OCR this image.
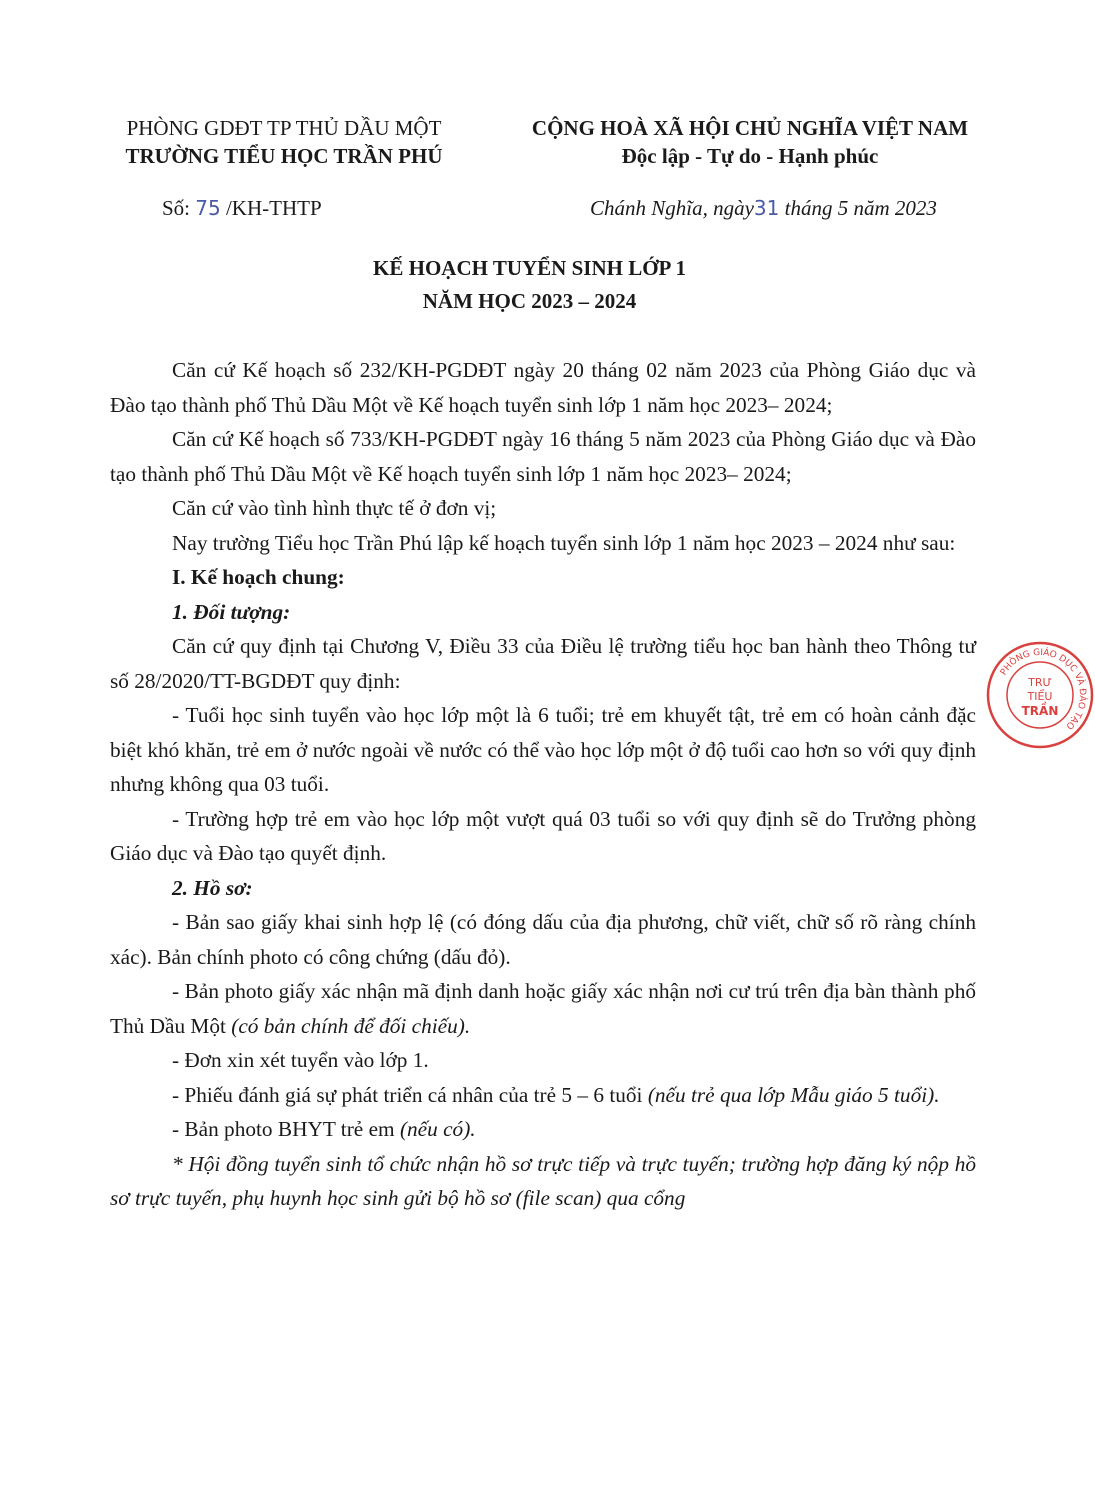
PHÒNG GDĐT TP THỦ DẦU MỘT
TRƯỜNG TIỂU HỌC TRẦN PHÚ
CỘNG HOÀ XÃ HỘI CHỦ NGHĨA VIỆT NAM
Độc lập - Tự do - Hạnh phúc
Số: 75 /KH-THTP	Chánh Nghĩa, ngày31 tháng 5 năm 2023
KẾ HOẠCH TUYỂN SINH LỚP 1
NĂM HỌC 2023 – 2024

Căn cứ Kế hoạch số 232/KH-PGDĐT ngày 20 tháng 02 năm 2023 của Phòng Giáo dục và Đào tạo thành phố Thủ Dầu Một về Kế hoạch tuyển sinh lớp 1 năm học 2023– 2024;

Căn cứ Kế hoạch số 733/KH-PGDĐT ngày 16 tháng 5 năm 2023 của Phòng Giáo dục và Đào tạo thành phố Thủ Dầu Một về Kế hoạch tuyển sinh lớp 1 năm học 2023– 2024;

Căn cứ vào tình hình thực tế ở đơn vị;

Nay trường Tiểu học Trần Phú lập kế hoạch tuyển sinh lớp 1 năm học 2023 – 2024 như sau:

I. Kế hoạch chung:

1. Đối tượng:

Căn cứ quy định tại Chương V, Điều 33 của Điều lệ trường tiểu học ban hành theo Thông tư số 28/2020/TT-BGDĐT quy định:

- Tuổi học sinh tuyển vào học lớp một là 6 tuổi; trẻ em khuyết tật, trẻ em có hoàn cảnh đặc biệt khó khăn, trẻ em ở nước ngoài về nước có thể vào học lớp một ở độ tuổi cao hơn so với quy định nhưng không qua 03 tuổi.

- Trường hợp trẻ em vào học lớp một vượt quá 03 tuổi so với quy định sẽ do Trưởng phòng Giáo dục và Đào tạo quyết định.

2. Hồ sơ:

- Bản sao giấy khai sinh hợp lệ (có đóng dấu của địa phương, chữ viết, chữ số rõ ràng chính xác). Bản chính photo có công chứng (dấu đỏ).

- Bản photo giấy xác nhận mã định danh hoặc giấy xác nhận nơi cư trú trên địa bàn thành phố Thủ Dầu Một (có bản chính để đối chiếu).

- Đơn xin xét tuyển vào lớp 1.

- Phiếu đánh giá sự phát triển cá nhân của trẻ 5 – 6 tuổi (nếu trẻ qua lớp Mẫu giáo 5 tuổi).

- Bản photo BHYT trẻ em (nếu có).

* Hội đồng tuyển sinh tổ chức nhận hồ sơ trực tiếp và trực tuyến; trường hợp đăng ký nộp hồ sơ trực tuyến, phụ huynh học sinh gửi bộ hồ sơ (file scan) qua cổng

PHÒNG GIÁO DỤC VÀ ĐÀO TẠO
TRƯ
TIỂU
TRẦN
